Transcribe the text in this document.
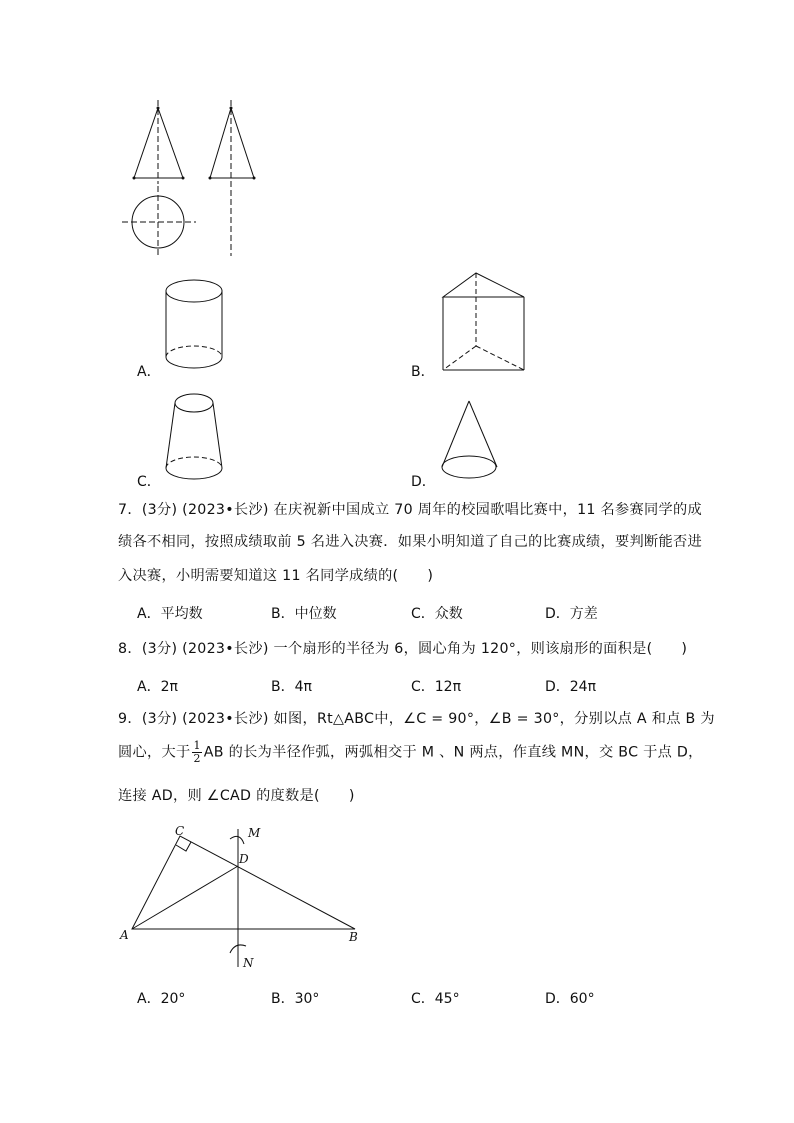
A．	B．
C．	D．
7．(3分) (2023•长沙) 在庆祝新中国成立 70 周年的校园歌唱比赛中，11 名参赛同学的成
绩各不相同，按照成绩取前 5 名进入决赛．如果小明知道了自己的比赛成绩，要判断能否进
入决赛，小明需要知道这 11 名同学成绩的(　　)
A．平均数	B．中位数	C．众数	D．方差
8．(3分) (2023•长沙) 一个扇形的半径为 6，圆心角为 120°，则该扇形的面积是(　　)
A．2π	B．4π	C．12π	D．24π
9．(3分) (2023•长沙) 如图，Rt△ABC中，∠C = 90°，∠B = 30°，分别以点 A 和点 B 为
圆心，大于 $\frac{1}{2}$ AB 的长为半径作弧，两弧相交于 M 、N 两点，作直线 MN，交 BC 于点 D，
连接 AD，则 ∠CAD 的度数是(　　)
A	B
C
D
M
N
A．20°	B．30°	C．45°	D．60°
